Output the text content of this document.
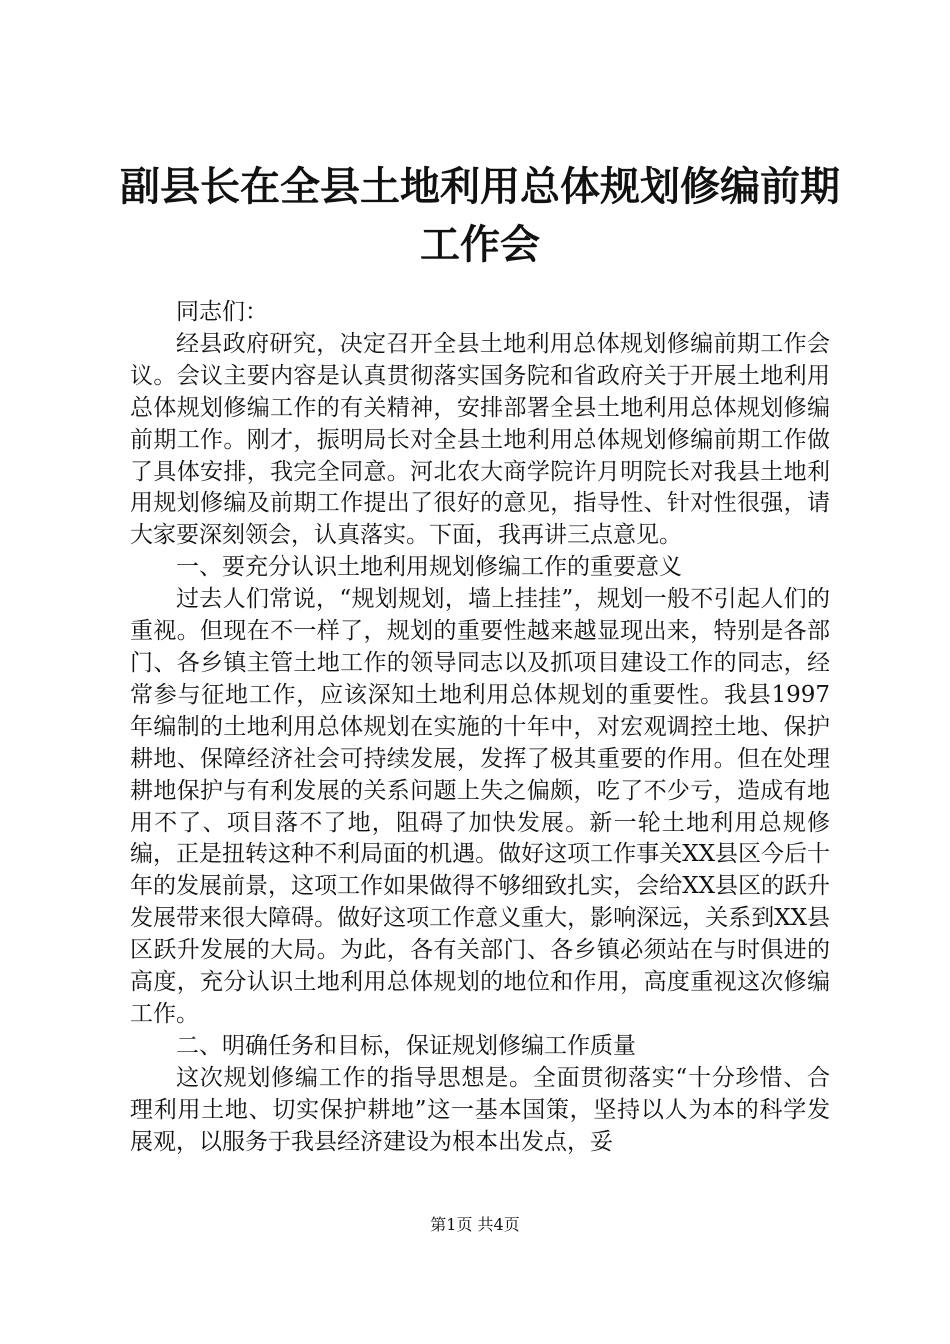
副县长在全县土地利用总体规划修编前期工作会

同志们：

经县政府研究，决定召开全县土地利用总体规划修编前期工作会议。会议主要内容是认真贯彻落实国务院和省政府关于开展土地利用总体规划修编工作的有关精神，安排部署全县土地利用总体规划修编前期工作。刚才，振明局长对全县土地利用总体规划修编前期工作做了具体安排，我完全同意。河北农大商学院许月明院长对我县土地利用规划修编及前期工作提出了很好的意见，指导性、针对性很强，请大家要深刻领会，认真落实。下面，我再讲三点意见。

一、要充分认识土地利用规划修编工作的重要意义

过去人们常说，“规划规划，墙上挂挂”，规划一般不引起人们的重视。但现在不一样了，规划的重要性越来越显现出来，特别是各部门、各乡镇主管土地工作的领导同志以及抓项目建设工作的同志，经常参与征地工作，应该深知土地利用总体规划的重要性。我县1997年编制的土地利用总体规划在实施的十年中，对宏观调控土地、保护耕地、保障经济社会可持续发展，发挥了极其重要的作用。但在处理耕地保护与有利发展的关系问题上失之偏颇，吃了不少亏，造成有地用不了、项目落不了地，阻碍了加快发展。新一轮土地利用总规修编，正是扭转这种不利局面的机遇。做好这项工作事关XX县区今后十年的发展前景，这项工作如果做得不够细致扎实，会给XX县区的跃升发展带来很大障碍。做好这项工作意义重大，影响深远，关系到XX县区跃升发展的大局。为此，各有关部门、各乡镇必须站在与时俱进的高度，充分认识土地利用总体规划的地位和作用，高度重视这次修编工作。

二、明确任务和目标，保证规划修编工作质量

这次规划修编工作的指导思想是。全面贯彻落实“十分珍惜、合理利用土地、切实保护耕地”这一基本国策，坚持以人为本的科学发展观，以服务于我县经济建设为根本出发点，妥

第1页 共4页
